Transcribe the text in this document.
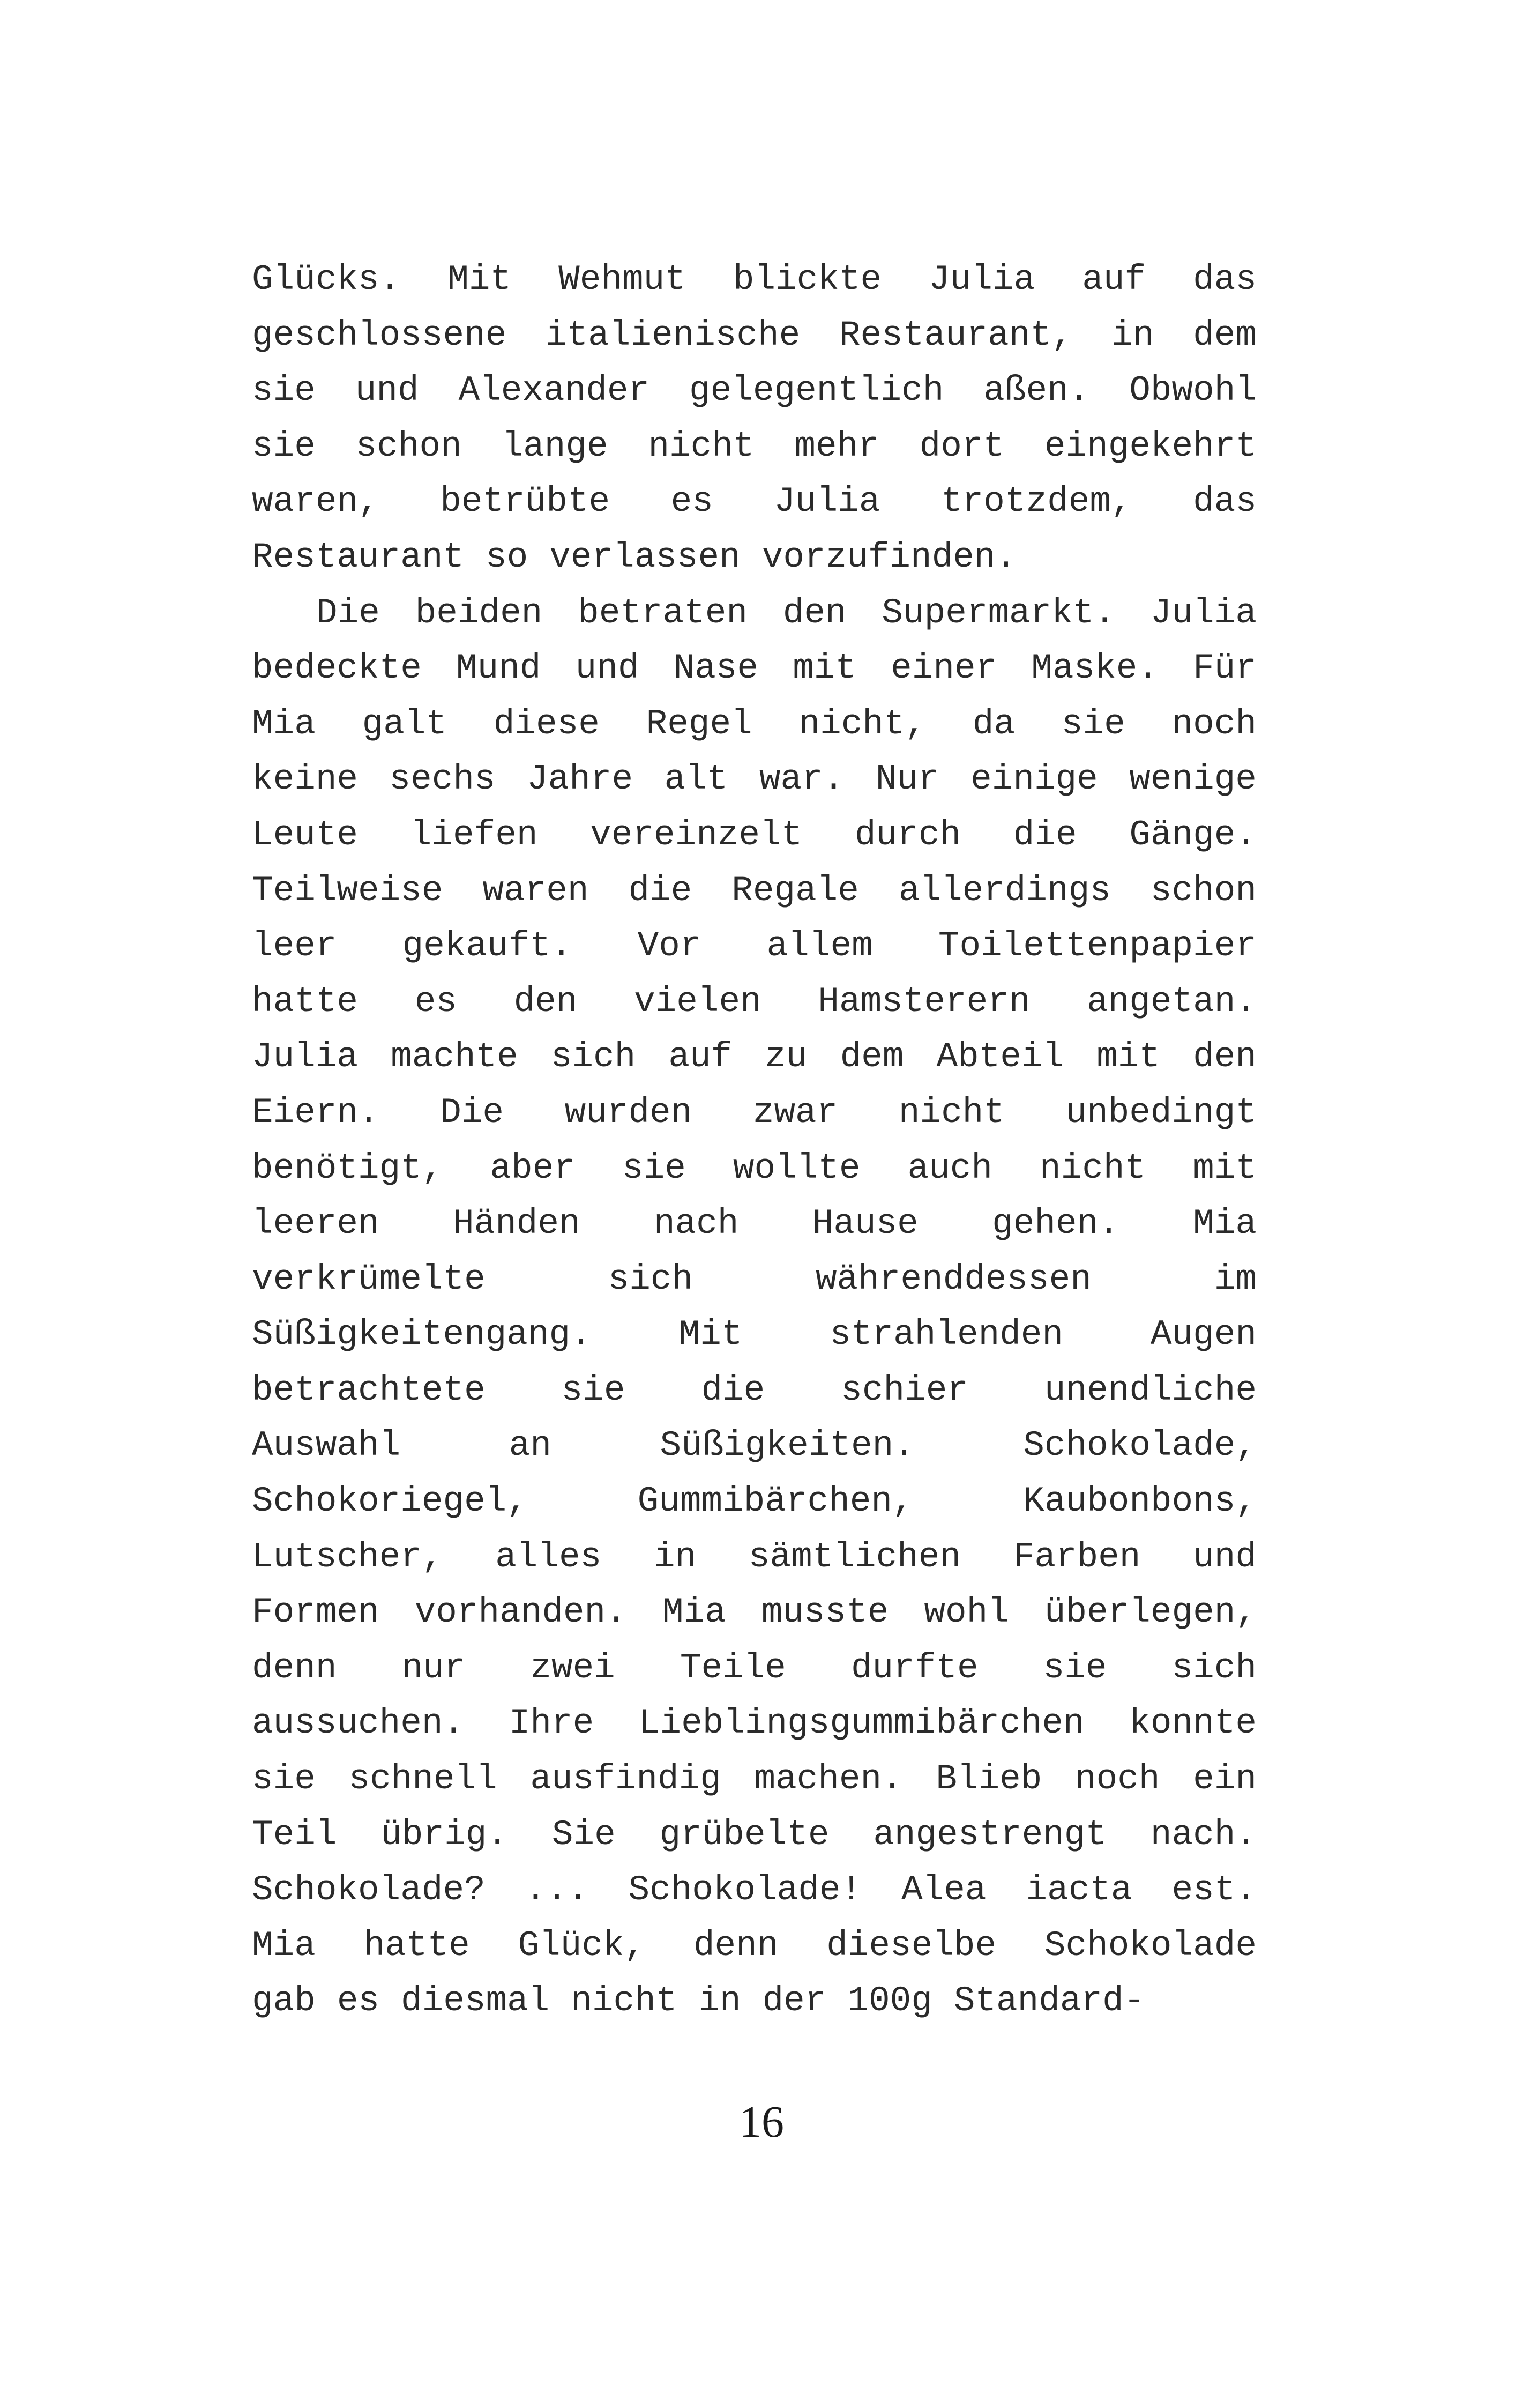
Glücks. Mit Wehmut blickte Julia auf das
geschlossene italienische Restaurant, in dem
sie und Alexander gelegentlich aßen. Obwohl
sie schon lange nicht mehr dort eingekehrt
waren, betrübte es Julia trotzdem, das
Restaurant so verlassen vorzufinden.
Die beiden betraten den Supermarkt. Julia
bedeckte Mund und Nase mit einer Maske. Für
Mia galt diese Regel nicht, da sie noch
keine sechs Jahre alt war. Nur einige wenige
Leute liefen vereinzelt durch die Gänge.
Teilweise waren die Regale allerdings schon
leer gekauft. Vor allem Toilettenpapier
hatte es den vielen Hamsterern angetan.
Julia machte sich auf zu dem Abteil mit den
Eiern. Die wurden zwar nicht unbedingt
benötigt, aber sie wollte auch nicht mit
leeren Händen nach Hause gehen. Mia
verkrümelte	sich	währenddessen	im
Süßigkeitengang. Mit strahlenden Augen
betrachtete sie die schier unendliche
Auswahl	an	Süßigkeiten.	Schokolade,
Schokoriegel,	Gummibärchen,	Kaubonbons,
Lutscher, alles in sämtlichen Farben und
Formen vorhanden. Mia musste wohl überlegen,
denn nur zwei Teile durfte sie sich
aussuchen. Ihre Lieblingsgummibärchen konnte
sie schnell ausfindig machen. Blieb noch ein
Teil übrig. Sie grübelte angestrengt nach.
Schokolade? ... Schokolade! Alea iacta est.
Mia hatte Glück, denn dieselbe Schokolade
gab es diesmal nicht in der 100g Standard-
16
